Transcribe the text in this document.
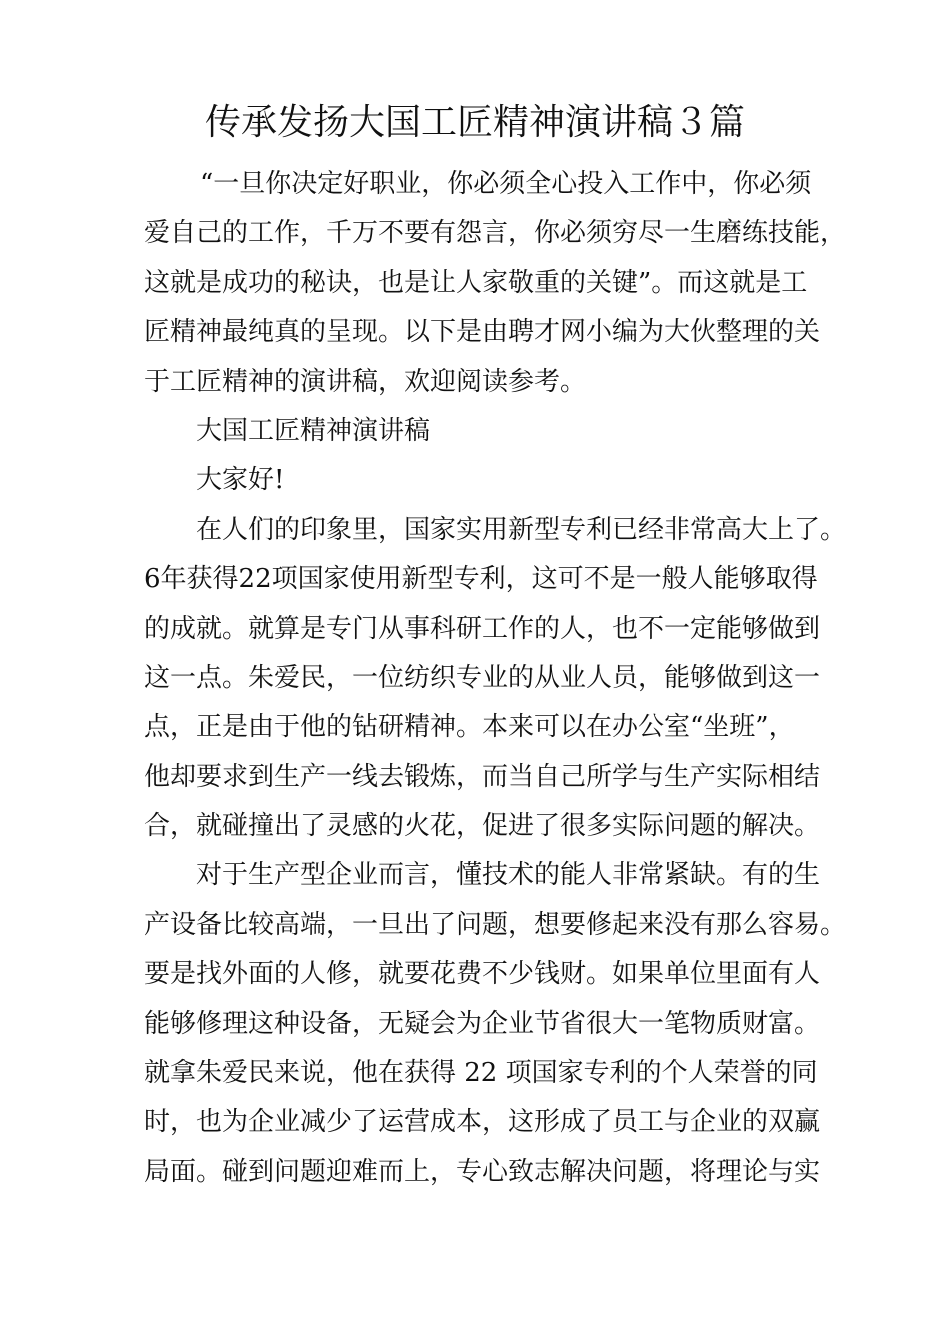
传承发扬大国工匠精神演讲稿３篇
“一旦你决定好职业，你必须全心投入工作中，你必须
爱自己的工作，千万不要有怨言，你必须穷尽一生磨练技能，
这就是成功的秘诀，也是让人家敬重的关键”。而这就是工
匠精神最纯真的呈现。以下是由聘才网小编为大伙整理的关
于工匠精神的演讲稿，欢迎阅读参考。
大国工匠精神演讲稿
大家好!
在人们的印象里，国家实用新型专利已经非常高大上了。
6年获得22项国家使用新型专利，这可不是一般人能够取得
的成就。就算是专门从事科研工作的人，也不一定能够做到
这一点。朱爱民，一位纺织专业的从业人员，能够做到这一
点，正是由于他的钻研精神。本来可以在办公室“坐班”，
他却要求到生产一线去锻炼，而当自己所学与生产实际相结
合，就碰撞出了灵感的火花，促进了很多实际问题的解决。
对于生产型企业而言，懂技术的能人非常紧缺。有的生
产设备比较高端，一旦出了问题，想要修起来没有那么容易。
要是找外面的人修，就要花费不少钱财。如果单位里面有人
能够修理这种设备，无疑会为企业节省很大一笔物质财富。
就拿朱爱民来说，他在获得 22 项国家专利的个人荣誉的同
时，也为企业减少了运营成本，这形成了员工与企业的双赢
局面。碰到问题迎难而上，专心致志解决问题，将理论与实
